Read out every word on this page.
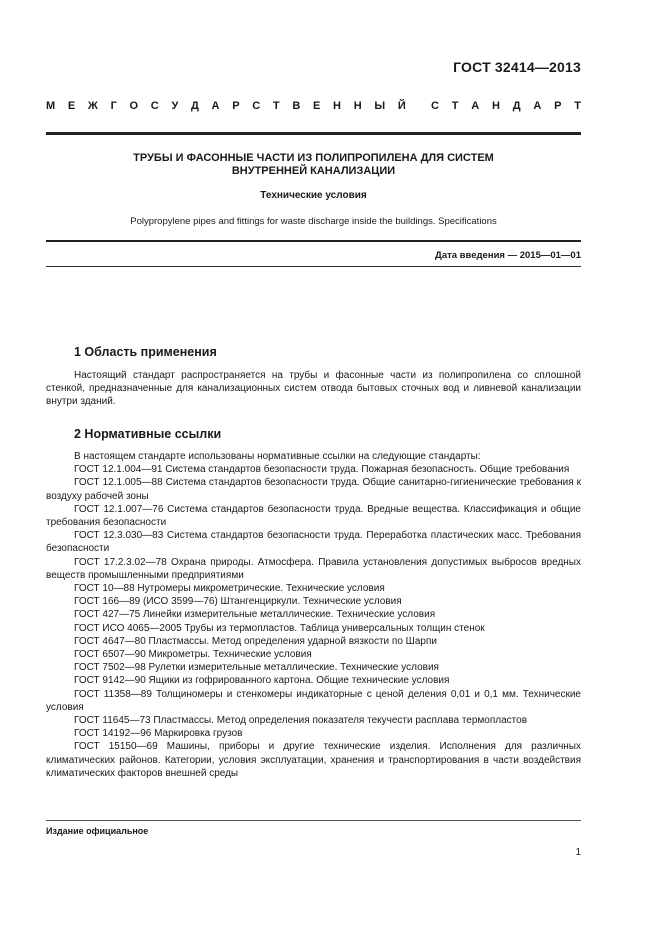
ГОСТ 32414—2013
М Е Ж Г О С У Д А Р С Т В Е Н Н Ы Й С Т А Н Д А Р Т
ТРУБЫ И ФАСОННЫЕ ЧАСТИ ИЗ ПОЛИПРОПИЛЕНА ДЛЯ СИСТЕМ
ВНУТРЕННЕЙ КАНАЛИЗАЦИИ
Технические условия
Polypropylene pipes and fittings for waste discharge inside the buildings. Specifications
Дата введения — 2015—01—01
1 Область применения
Настоящий стандарт распространяется на трубы и фасонные части из полипропилена со сплошной стенкой, предназначенные для канализационных систем отвода бытовых сточных вод и ливневой канализации внутри зданий.
2 Нормативные ссылки
В настоящем стандарте использованы нормативные ссылки на следующие стандарты:
ГОСТ 12.1.004—91 Система стандартов безопасности труда. Пожарная безопасность. Общие требования
ГОСТ 12.1.005—88 Система стандартов безопасности труда. Общие санитарно-гигиенические требования к воздуху рабочей зоны
ГОСТ 12.1.007—76 Система стандартов безопасности труда. Вредные вещества. Классификация и общие требования безопасности
ГОСТ 12.3.030—83 Система стандартов безопасности труда. Переработка пластических масс. Требования безопасности
ГОСТ 17.2.3.02—78 Охрана природы. Атмосфера. Правила установления допустимых выбросов вредных веществ промышленными предприятиями
ГОСТ 10—88 Нутромеры микрометрические. Технические условия
ГОСТ 166—89 (ИСО 3599—76) Штангенциркули. Технические условия
ГОСТ 427—75 Линейки измерительные металлические. Технические условия
ГОСТ ИСО 4065—2005 Трубы из термопластов. Таблица универсальных толщин стенок
ГОСТ 4647—80 Пластмассы. Метод определения ударной вязкости по Шарпи
ГОСТ 6507—90 Микрометры. Технические условия
ГОСТ 7502—98 Рулетки измерительные металлические. Технические условия
ГОСТ 9142—90 Ящики из гофрированного картона. Общие технические условия
ГОСТ 11358—89 Толщиномеры и стенкомеры индикаторные с ценой деления 0,01 и 0,1 мм. Технические условия
ГОСТ 11645—73 Пластмассы. Метод определения показателя текучести расплава термопластов
ГОСТ 14192—96 Маркировка грузов
ГОСТ 15150—69 Машины, приборы и другие технические изделия. Исполнения для различных климатических районов. Категории, условия эксплуатации, хранения и транспортирования в части воздействия климатических факторов внешней среды
Издание официальное
1
